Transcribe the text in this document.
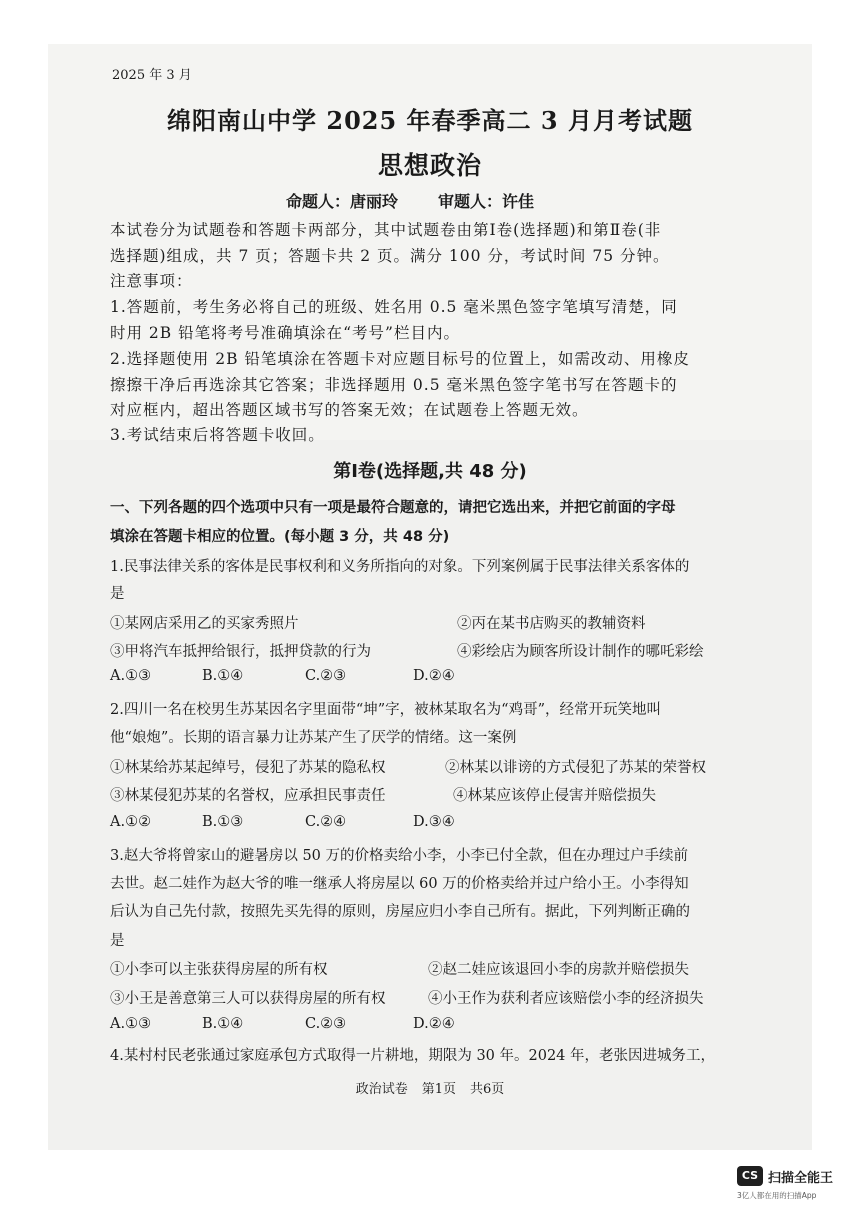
2025 年 3 月
绵阳南山中学 2025 年春季高二 3 月月考试题
思想政治
命题人：唐丽玲	审题人：许佳
本试卷分为试题卷和答题卡两部分，其中试题卷由第Ⅰ卷(选择题)和第Ⅱ卷(非
选择题)组成，共 7 页；答题卡共 2 页。满分 100 分，考试时间 75 分钟。
注意事项：
1.答题前，考生务必将自己的班级、姓名用 0.5 毫米黑色签字笔填写清楚，同
时用 2B 铅笔将考号准确填涂在“考号”栏目内。
2.选择题使用 2B 铅笔填涂在答题卡对应题目标号的位置上，如需改动、用橡皮
擦擦干净后再选涂其它答案；非选择题用 0.5 毫米黑色签字笔书写在答题卡的
对应框内，超出答题区域书写的答案无效；在试题卷上答题无效。
3.考试结束后将答题卡收回。
第Ⅰ卷(选择题,共 48 分)
一、下列各题的四个选项中只有一项是最符合题意的，请把它选出来，并把它前面的字母
填涂在答题卡相应的位置。(每小题 3 分，共 48 分)
1.民事法律关系的客体是民事权利和义务所指向的对象。下列案例属于民事法律关系客体的
是
①某网店采用乙的买家秀照片	②丙在某书店购买的教辅资料
③甲将汽车抵押给银行，抵押贷款的行为	④彩绘店为顾客所设计制作的哪吒彩绘
A.①③	B.①④	C.②③	D.②④
2.四川一名在校男生苏某因名字里面带“坤”字，被林某取名为“鸡哥”，经常开玩笑地叫
他“娘炮”。长期的语言暴力让苏某产生了厌学的情绪。这一案例
①林某给苏某起绰号，侵犯了苏某的隐私权	②林某以诽谤的方式侵犯了苏某的荣誉权
③林某侵犯苏某的名誉权，应承担民事责任	④林某应该停止侵害并赔偿损失
A.①②	B.①③	C.②④	D.③④
3.赵大爷将曾家山的避暑房以 50 万的价格卖给小李，小李已付全款，但在办理过户手续前
去世。赵二娃作为赵大爷的唯一继承人将房屋以 60 万的价格卖给并过户给小王。小李得知
后认为自己先付款，按照先买先得的原则，房屋应归小李自己所有。据此，下列判断正确的
是
①小李可以主张获得房屋的所有权	②赵二娃应该退回小李的房款并赔偿损失
③小王是善意第三人可以获得房屋的所有权	④小王作为获利者应该赔偿小李的经济损失
A.①③	B.①④	C.②③	D.②④
4.某村村民老张通过家庭承包方式取得一片耕地，期限为 30 年。2024 年，老张因进城务工，
政治试卷 第1页 共6页
CS 扫描全能王
3亿人都在用的扫描App
